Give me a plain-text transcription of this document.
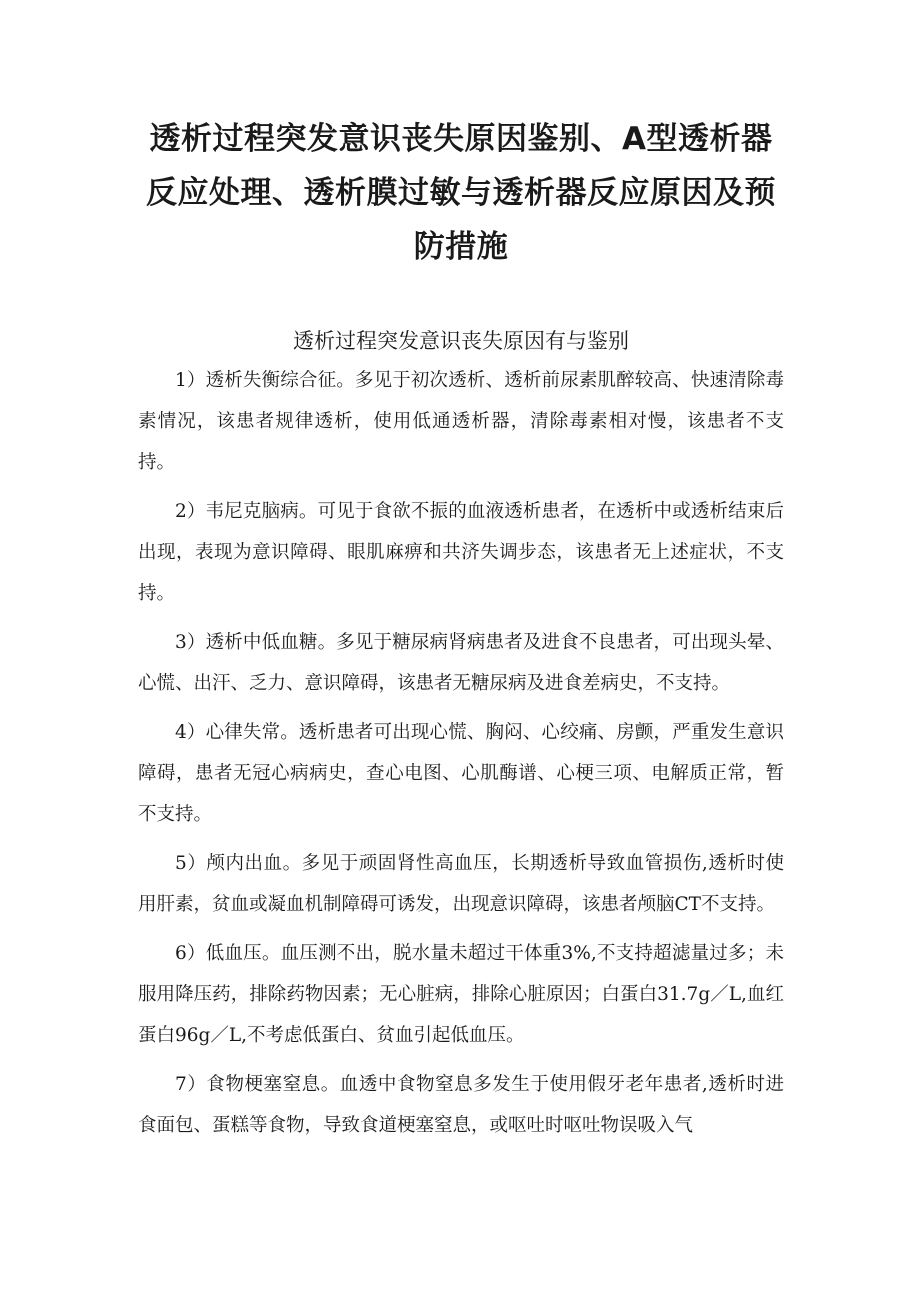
透析过程突发意识丧失原因鉴别、A型透析器反应处理、透析膜过敏与透析器反应原因及预防措施
透析过程突发意识丧失原因有与鉴别

1）透析失衡综合征。多见于初次透析、透析前尿素肌醉较高、快速清除毒素情况，该患者规律透析，使用低通透析器，清除毒素相对慢，该患者不支持。

2）韦尼克脑病。可见于食欲不振的血液透析患者，在透析中或透析结束后出现，表现为意识障碍、眼肌麻痹和共济失调步态，该患者无上述症状，不支持。

3）透析中低血糖。多见于糖尿病肾病患者及进食不良患者，可出现头晕、心慌、出汗、乏力、意识障碍，该患者无糖尿病及进食差病史，不支持。

4）心律失常。透析患者可出现心慌、胸闷、心绞痛、房颤，严重发生意识障碍，患者无冠心病病史，查心电图、心肌酶谱、心梗三项、电解质正常，暂不支持。

5）颅内出血。多见于顽固肾性高血压，长期透析导致血管损伤,透析时使用肝素，贫血或凝血机制障碍可诱发，出现意识障碍，该患者颅脑CT不支持。

6）低血压。血压测不出，脱水量未超过干体重3%,不支持超滤量过多；未服用降压药，排除药物因素；无心脏病，排除心脏原因；白蛋白31.7g／L,血红蛋白96g／L,不考虑低蛋白、贫血引起低血压。

7）食物梗塞窒息。血透中食物窒息多发生于使用假牙老年患者,透析时进食面包、蛋糕等食物，导致食道梗塞窒息，或呕吐时呕吐物误吸入气
